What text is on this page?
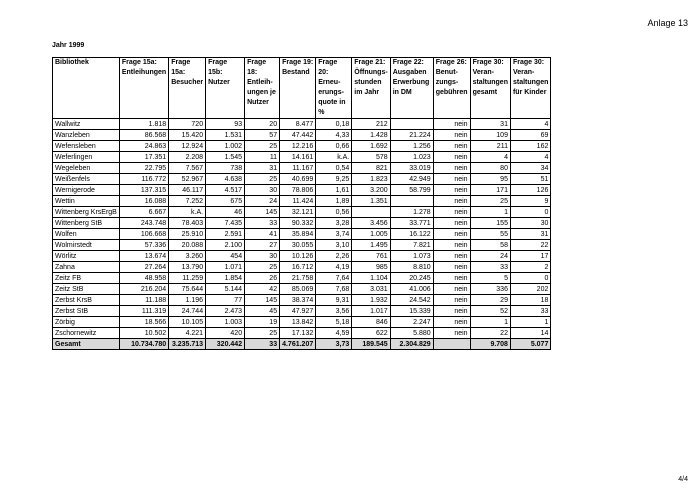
Anlage 13
Jahr 1999
Bibliothek	Frage 15a: Entleihungen	Frage 15a: Besucher	Frage 15b: Nutzer	Frage 18: Entleih-ungen je Nutzer	Frage 19: Bestand	Frage 20: Erneu-erungs-quote in %	Frage 21: Öffnungs-stunden im Jahr	Frage 22: Ausgaben Erwerbung in DM	Frage 26: Benut-zungs-gebühren	Frage 30: Veran-staltungen gesamt	Frage 30: Veran-staltungen für Kinder
Wallwitz	1.818	720	93	20	8.477	0,18	212		nein	31	4
Wanzleben	86.568	15.420	1.531	57	47.442	4,33	1.428	21.224	nein	109	69
Wefensleben	24.863	12.924	1.002	25	12.216	0,66	1.692	1.256	nein	211	162
Weferlingen	17.351	2.208	1.545	11	14.161	k.A.	578	1.023	nein	4	4
Wegeleben	22.795	7.567	738	31	11.167	0,54	821	33.019	nein	80	34
Weißenfels	116.772	52.967	4.638	25	40.699	9,25	1.823	42.949	nein	95	51
Wernigerode	137.315	46.117	4.517	30	78.806	1,61	3.200	58.799	nein	171	126
Wettin	16.088	7.252	675	24	11.424	1,89	1.351		nein	25	9
Wittenberg KrsErgB	6.667	k.A.	46	145	32.121	0,56		1.278	nein	1	0
Wittenberg StB	243.748	78.403	7.435	33	90.332	3,28	3.456	33.771	nein	155	30
Wolfen	106.668	25.910	2.591	41	35.894	3,74	1.005	16.122	nein	55	31
Wolmirstedt	57.336	20.088	2.100	27	30.055	3,10	1.495	7.821	nein	58	22
Wörlitz	13.674	3.260	454	30	10.126	2,26	761	1.073	nein	24	17
Zahna	27.264	13.790	1.071	25	16.712	4,19	985	8.810	nein	33	2
Zeitz FB	48.958	11.259	1.854	26	21.758	7,64	1.104	20.245	nein	5	0
Zeitz StB	216.204	75.644	5.144	42	85.069	7,68	3.031	41.006	nein	336	202
Zerbst KrsB	11.188	1.196	77	145	38.374	9,31	1.932	24.542	nein	29	18
Zerbst StB	111.319	24.744	2.473	45	47.927	3,56	1.017	15.339	nein	52	33
Zörbig	18.566	10.105	1.003	19	13.842	5,18	846	2.247	nein	1	1
Zschornewitz	10.502	4.221	420	25	17.132	4,59	622	5.880	nein	22	14
Gesamt	10.734.780	3.235.713	320.442	33	4.761.207	3,73	189.545	2.304.829		9.708	5.077
4/4
